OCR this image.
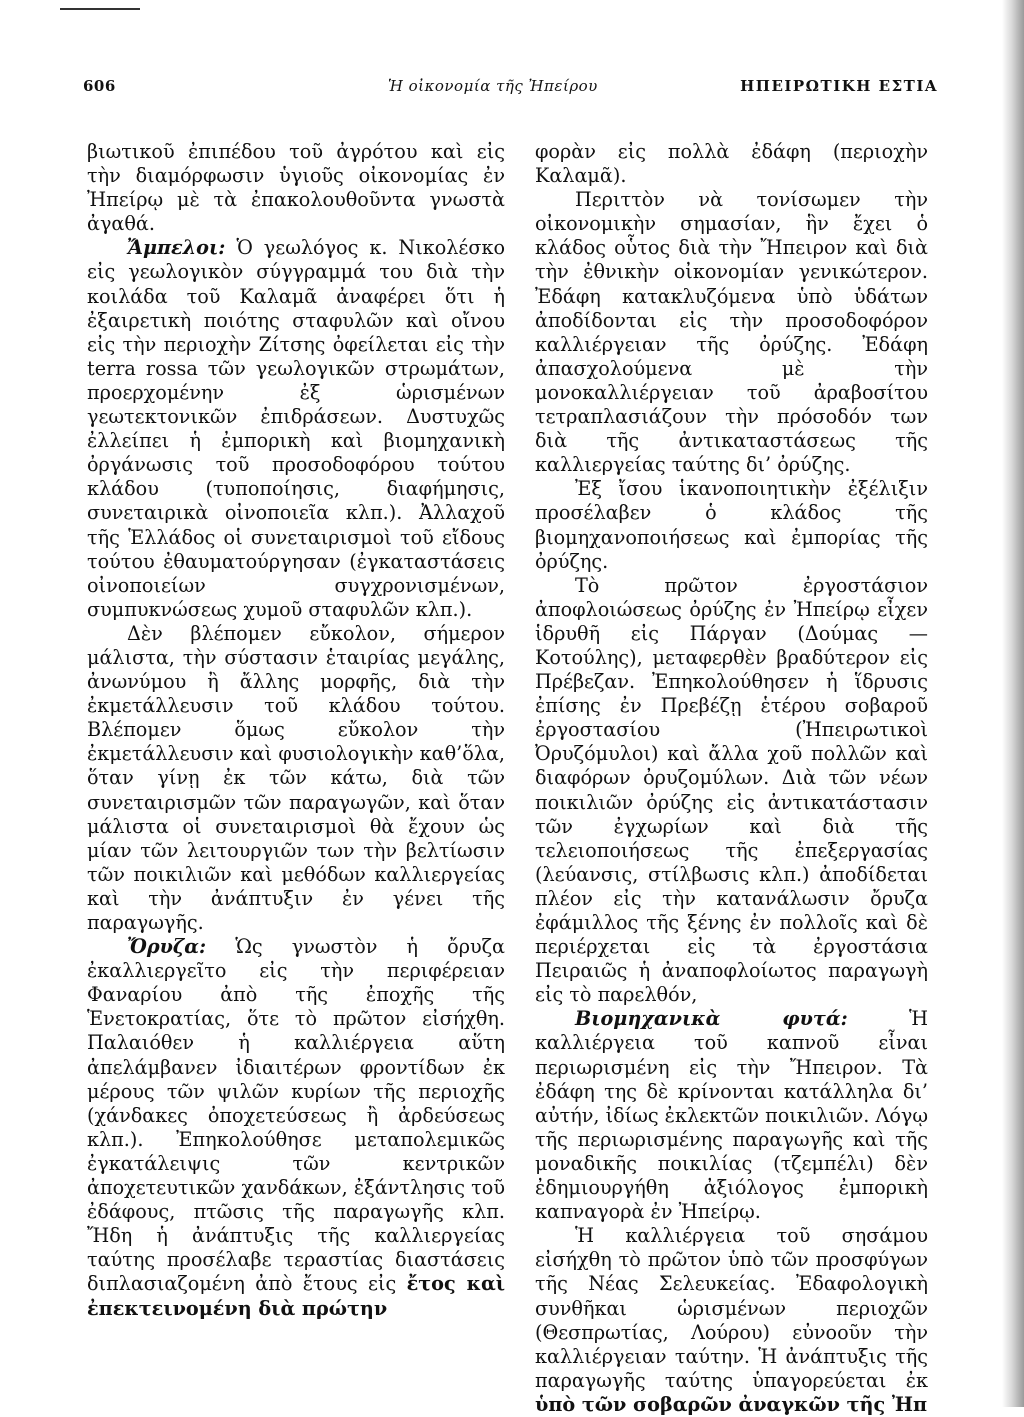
606	Ἡ οἰκονομία τῆς Ἠπείρου	ΗΠΕΙΡΩΤΙΚΗ ΕΣΤΙΑ

βιωτικοῦ ἐπιπέδου τοῦ ἀγρότου καὶ εἰς τὴν διαμόρφωσιν ὑγιοῦς οἰκονομίας ἐν Ἠπείρῳ μὲ τὰ ἐπακολουθοῦντα γνωστὰ ἀγαθά.

Ἄμπελοι: Ὁ γεωλόγος κ. Νικολέσκο εἰς γεωλογικὸν σύγγραμμά του διὰ τὴν κοιλάδα τοῦ Καλαμᾶ ἀναφέρει ὅτι ἡ ἐξαιρετικὴ ποιότης σταφυλῶν καὶ οἴνου εἰς τὴν περιοχὴν Ζίτσης ὀφείλεται εἰς τὴν terra rossa τῶν γεωλογικῶν στρωμάτων, προερχομένην ἐξ ὡρισμένων γεωτεκτονικῶν ἐπιδράσεων. Δυστυχῶς ἐλλείπει ἡ ἐμπορικὴ καὶ βιομηχανικὴ ὀργάνωσις τοῦ προσοδοφόρου τούτου κλάδου (τυποποίησις, διαφήμησις, συνεταιρικὰ οἰνοποιεῖα κλπ.). Ἀλλαχοῦ τῆς Ἑλλάδος οἱ συνεταιρισμοὶ τοῦ εἴδους τούτου ἐθαυματούργησαν (ἐγκαταστάσεις οἰνοποιείων συγχρονισμένων, συμπυκνώσεως χυμοῦ σταφυλῶν κλπ.).

Δὲν βλέπομεν εὔκολον, σήμερον μάλιστα, τὴν σύστασιν ἑταιρίας μεγάλης, ἀνωνύμου ἢ ἄλλης μορφῆς, διὰ τὴν ἐκμετάλλευσιν τοῦ κλάδου τούτου. Βλέπομεν ὅμως εὔκολον τὴν ἐκμετάλλευσιν καὶ φυσιολογικὴν καθ’ὅλα, ὅταν γίνῃ ἐκ τῶν κάτω, διὰ τῶν συνεταιρισμῶν τῶν παραγωγῶν, καὶ ὅταν μάλιστα οἱ συνεταιρισμοὶ θὰ ἔχουν ὡς μίαν τῶν λειτουργιῶν των τὴν βελτίωσιν τῶν ποικιλιῶν καὶ μεθόδων καλλιεργείας καὶ τὴν ἀνάπτυξιν ἐν γένει τῆς παραγωγῆς.

Ὄρυζα: Ὡς γνωστὸν ἡ ὄρυζα ἐκαλλιεργεῖτο εἰς τὴν περιφέρειαν Φαναρίου ἀπὸ τῆς ἐποχῆς τῆς Ἑνετοκρατίας, ὅτε τὸ πρῶτον εἰσήχθη. Παλαιόθεν ἡ καλλιέργεια αὕτη ἀπελάμβανεν ἰδιαιτέρων φροντίδων ἐκ μέρους τῶν ψιλῶν κυρίων τῆς περιοχῆς (χάνδακες ὀποχετεύσεως ἢ ἀρδεύσεως κλπ.). Ἐπηκολούθησε μεταπολεμικῶς ἐγκατάλειψις τῶν κεντρικῶν ἀποχετευτικῶν χανδάκων, ἐξάντλησις τοῦ ἐδάφους, πτῶσις τῆς παραγωγῆς κλπ. Ἤδη ἡ ἀνάπτυξις τῆς καλλιεργείας ταύτης προσέλαβε τεραστίας διαστάσεις διπλασιαζομένη ἀπὸ ἔτους εἰς ἔτος καὶ ἐπεκτεινομένη διὰ πρώτην

φορὰν εἰς πολλὰ ἐδάφη (περιοχὴν Καλαμᾶ).

Περιττὸν νὰ τονίσωμεν τὴν οἰκονομικὴν σημασίαν, ἣν ἔχει ὁ κλάδος οὗτος διὰ τὴν Ἤπειρον καὶ διὰ τὴν ἐθνικὴν οἰκονομίαν γενικώτερον. Ἐδάφη κατακλυζόμενα ὑπὸ ὑδάτων ἀποδίδονται εἰς τὴν προσοδοφόρον καλλιέργειαν τῆς ὀρύζης. Ἐδάφη ἀπασχολούμενα μὲ τὴν μονοκαλλιέργειαν τοῦ ἀραβοσίτου τετραπλασιάζουν τὴν πρόσοδόν των διὰ τῆς ἀντικαταστάσεως τῆς καλλιεργείας ταύτης δι’ ὀρύζης.

Ἐξ ἴσου ἱκανοποιητικὴν ἐξέλιξιν προσέλαβεν ὁ κλάδος τῆς βιομηχανοποιήσεως καὶ ἐμπορίας τῆς ὀρύζης.

Τὸ πρῶτον ἐργοστάσιον ἀποφλοιώσεως ὀρύζης ἐν Ἠπείρῳ εἶχεν ἱδρυθῆ εἰς Πάργαν (Δούμας — Κοτούλης), μεταφερθὲν βραδύτερον εἰς Πρέβεζαν. Ἐπηκολούθησεν ἡ ἵδρυσις ἐπίσης ἐν Πρεβέζῃ ἑτέρου σοβαροῦ ἐργοστασίου (Ἠπειρωτικοὶ Ὀρυζόμυλοι) καὶ ἄλλα χοῦ πολλῶν καὶ διαφόρων ὀρυζομύλων. Διὰ τῶν νέων ποικιλιῶν ὀρύζης εἰς ἀντικατάστασιν τῶν ἐγχωρίων καὶ διὰ τῆς τελειοποιήσεως τῆς ἐπεξεργασίας (λεύανσις, στίλβωσις κλπ.) ἀποδίδεται πλέον εἰς τὴν κατανάλωσιν ὄρυζα ἐφάμιλλος τῆς ξένης ἐν πολλοῖς καὶ δὲ περιέρχεται εἰς τὰ ἐργοστάσια Πειραιῶς ἡ ἀναποφλοίωτος παραγωγὴ εἰς τὸ παρελθόν,

Βιομηχανικὰ φυτά:	Ἡ καλλιέργεια τοῦ καπνοῦ εἶναι περιωρισμένη εἰς τὴν Ἤπειρον. Τὰ ἐδάφη της δὲ κρίνονται κατάλληλα δι’ αὐτήν, ἰδίως ἐκλεκτῶν ποικιλιῶν. Λόγῳ τῆς περιωρισμένης παραγωγῆς καὶ τῆς μοναδικῆς ποικιλίας (τζεμπέλι) δὲν ἐδημιουργήθη ἀξιόλογος ἐμπορικὴ καπναγορὰ ἐν Ἠπείρῳ.

Ἡ καλλιέργεια τοῦ σησάμου εἰσήχθη τὸ πρῶτον ὑπὸ τῶν προσφύγων τῆς Νέας Σελευκείας. Ἐδαφολογικὴ συνθῆκαι ὡρισμένων περιοχῶν (Θεσπρωτίας, Λούρου) εὐνοοῦν τὴν καλλιέργειαν ταύτην. Ἡ ἀνάπτυξις τῆς παραγωγῆς ταύτης ὑπαγορεύεται ἐκ ὑπὸ τῶν σοβαρῶν ἀναγκῶν τῆς Ἠπ
